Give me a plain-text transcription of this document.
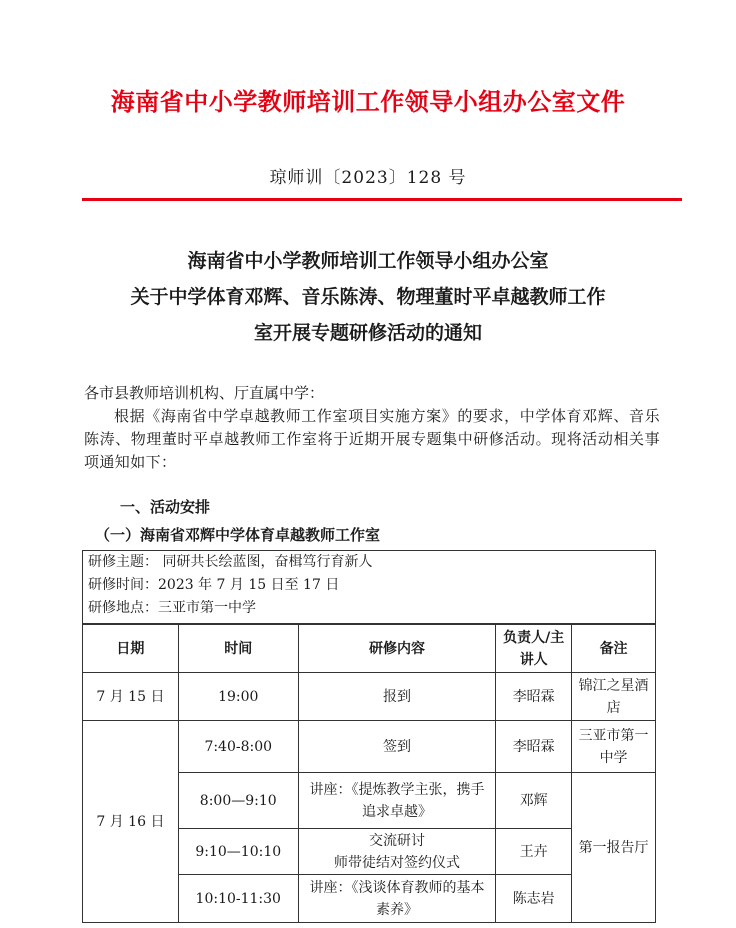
海南省中小学教师培训工作领导小组办公室文件
琼师训〔2023〕128 号
海南省中小学教师培训工作领导小组办公室
关于中学体育邓辉、音乐陈涛、物理董时平卓越教师工作
室开展专题研修活动的通知
各市县教师培训机构、厅直属中学：
根据《海南省中学卓越教师工作室项目实施方案》的要求，中学体育邓辉、音乐陈涛、物理董时平卓越教师工作室将于近期开展专题集中研修活动。现将活动相关事项通知如下：
一、活动安排
（一）海南省邓辉中学体育卓越教师工作室
研修主题： 同研共长绘蓝图，奋楫笃行育新人
研修时间：2023 年 7 月 15 日至 17 日
研修地点：三亚市第一中学
日期	时间	研修内容	负责人/主讲人	备注
7 月 15 日	19:00	报到	李昭霖	锦江之星酒店
7 月 16 日	7:40-8:00	签到	李昭霖	三亚市第一中学
	8:00—9:10	讲座：《提炼教学主张，携手追求卓越》	邓辉	第一报告厅
	9:10—10:10	交流研讨
师带徒结对签约仪式	王卉	
	10:10-11:30	讲座：《浅谈体育教师的基本素养》	陈志岩	
